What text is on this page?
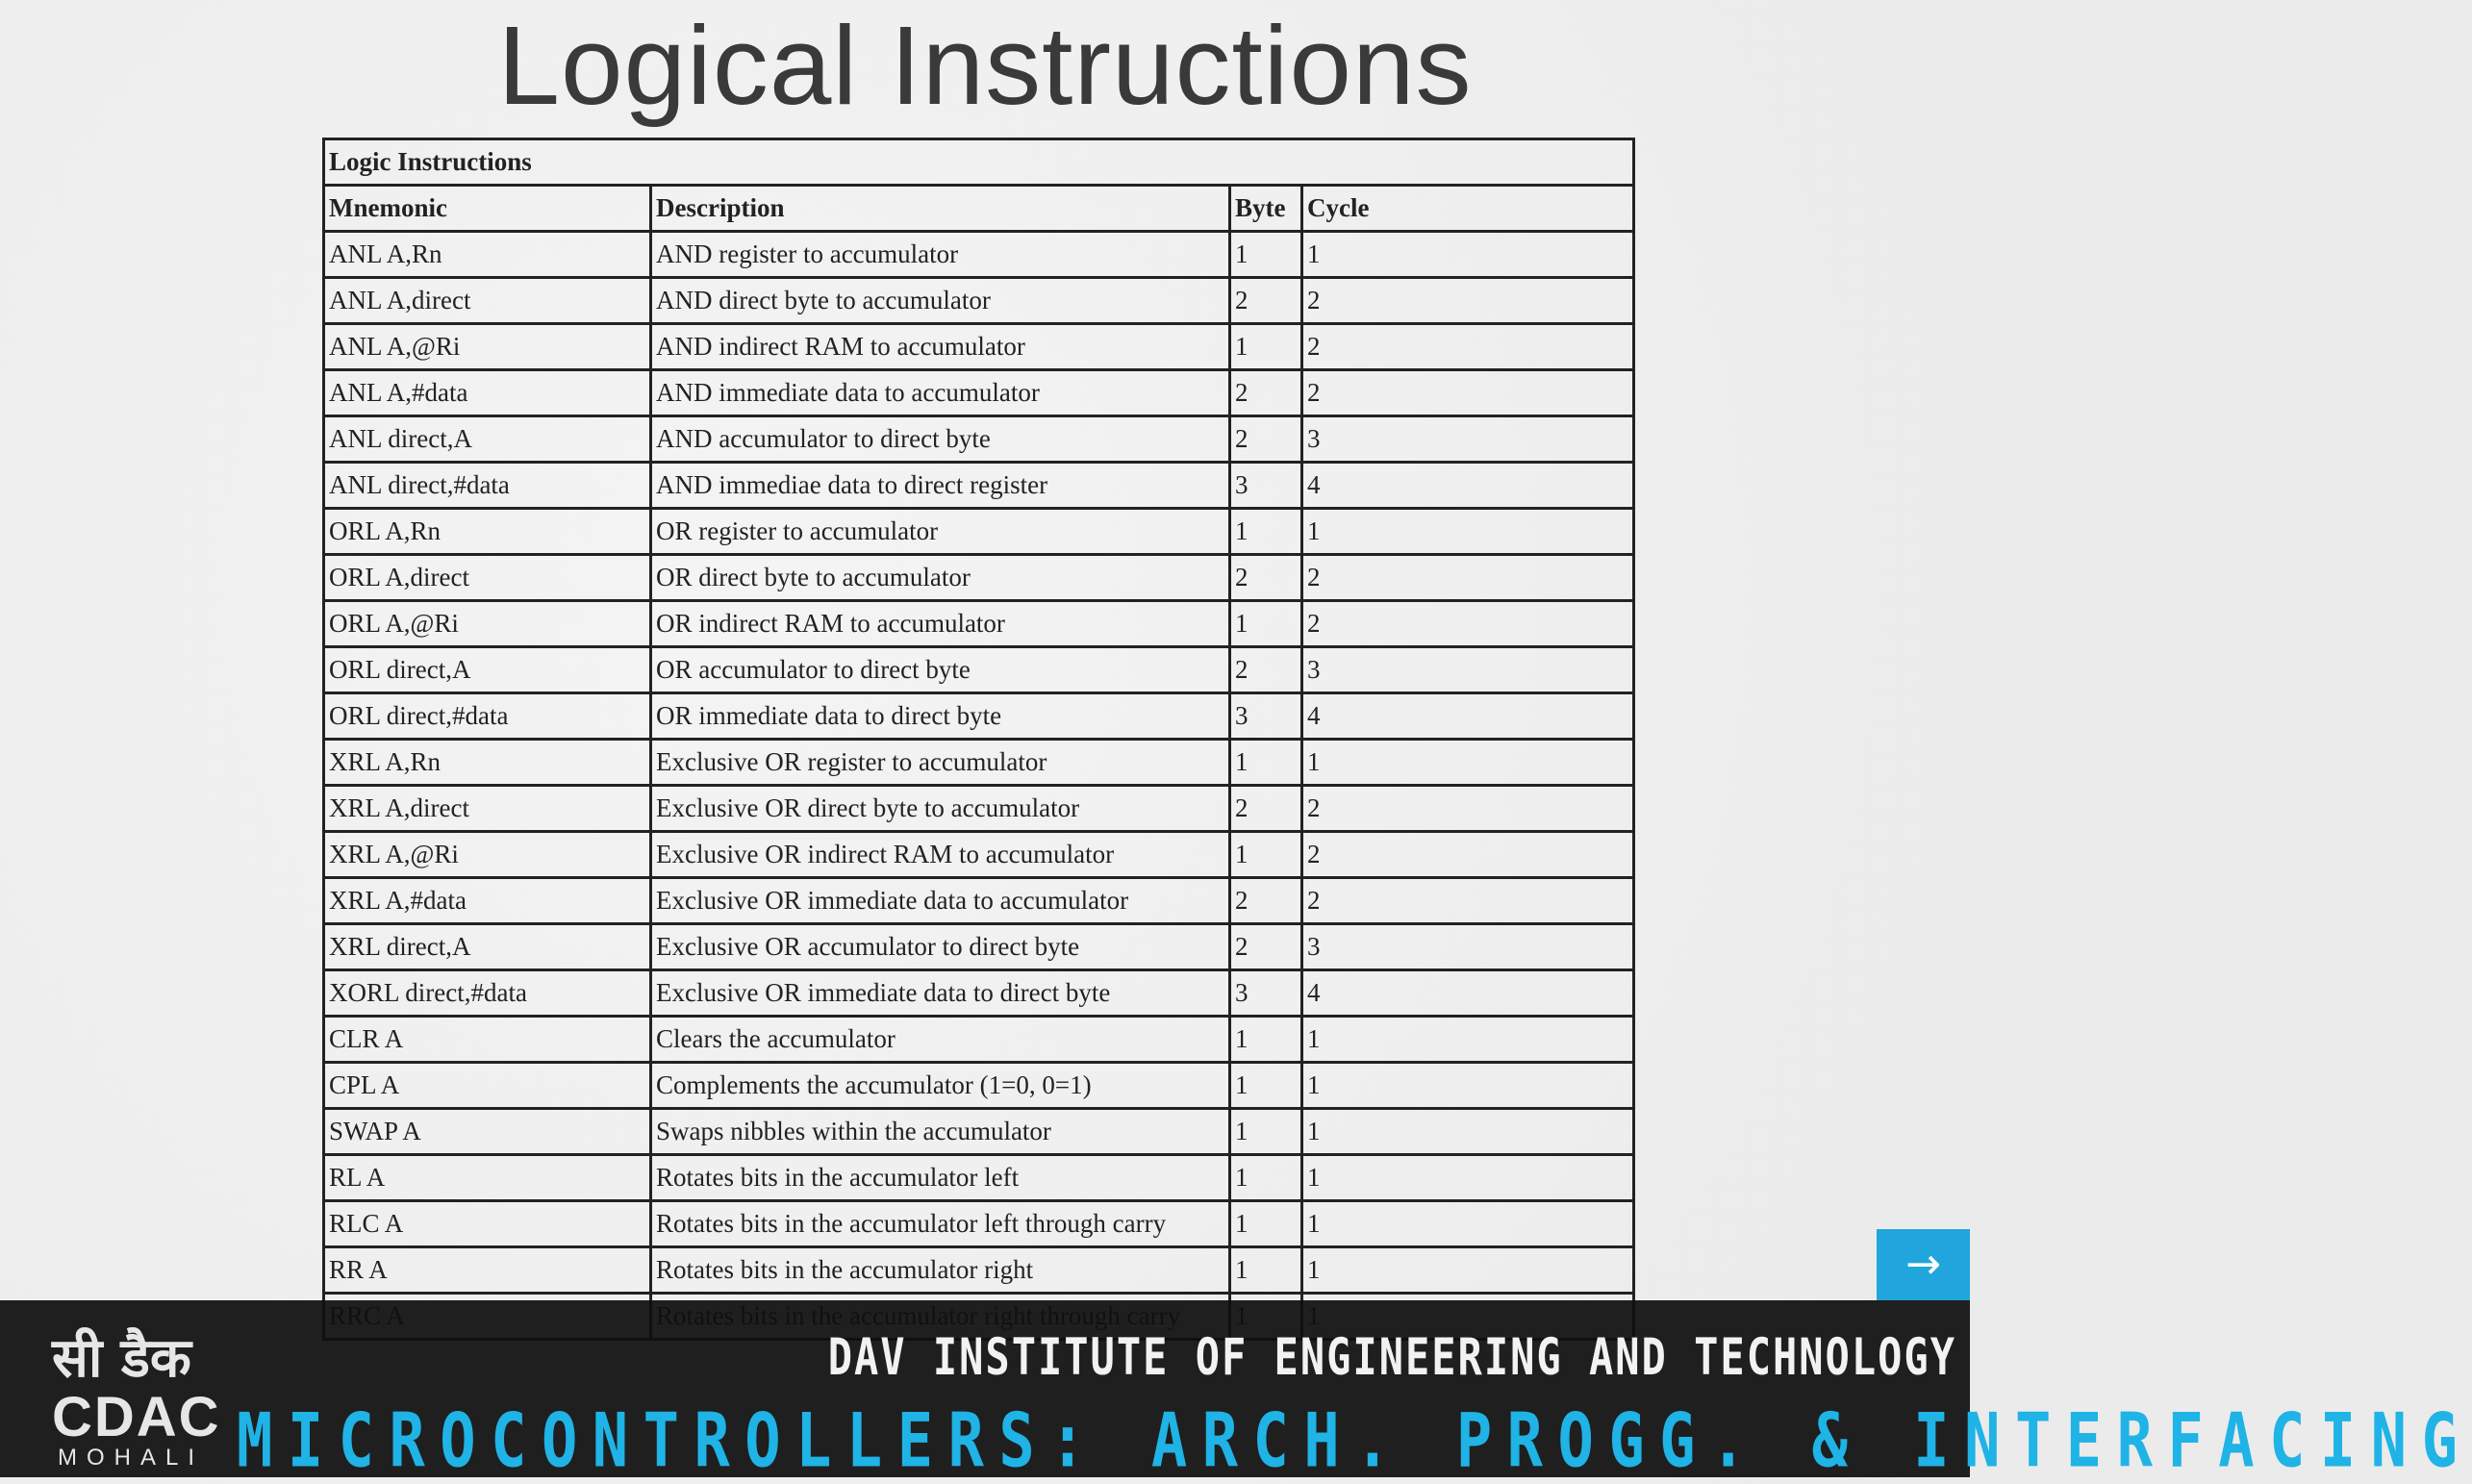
Logical Instructions
Logic Instructions			
Mnemonic	Description	Byte	Cycle
ANL A,Rn	AND register to accumulator	1	1
ANL A,direct	AND direct byte to accumulator	2	2
ANL A,@Ri	AND indirect RAM to accumulator	1	2
ANL A,#data	AND immediate data to accumulator	2	2
ANL direct,A	AND accumulator to direct byte	2	3
ANL direct,#data	AND immediae data to direct register	3	4
ORL A,Rn	OR register to accumulator	1	1
ORL A,direct	OR direct byte to accumulator	2	2
ORL A,@Ri	OR indirect RAM to accumulator	1	2
ORL direct,A	OR accumulator to direct byte	2	3
ORL direct,#data	OR immediate data to direct byte	3	4
XRL A,Rn	Exclusive OR register to accumulator	1	1
XRL A,direct	Exclusive OR direct byte to accumulator	2	2
XRL A,@Ri	Exclusive OR indirect RAM to accumulator	1	2
XRL A,#data	Exclusive OR immediate data to accumulator	2	2
XRL direct,A	Exclusive OR accumulator to direct byte	2	3
XORL direct,#data	Exclusive OR immediate data to direct byte	3	4
CLR A	Clears the accumulator	1	1
CPL A	Complements the accumulator (1=0, 0=1)	1	1
SWAP A	Swaps nibbles within the accumulator	1	1
RL A	Rotates bits in the accumulator left	1	1
RLC A	Rotates bits in the accumulator left through carry	1	1
RR A	Rotates bits in the accumulator right	1	1
				→
सी डैक
CDAC
MOHALI
DAV INSTITUTE OF ENGINEERING AND TECHNOLOGY
MICROCONTROLLERS: ARCH. PROGG. & INTERFACING
